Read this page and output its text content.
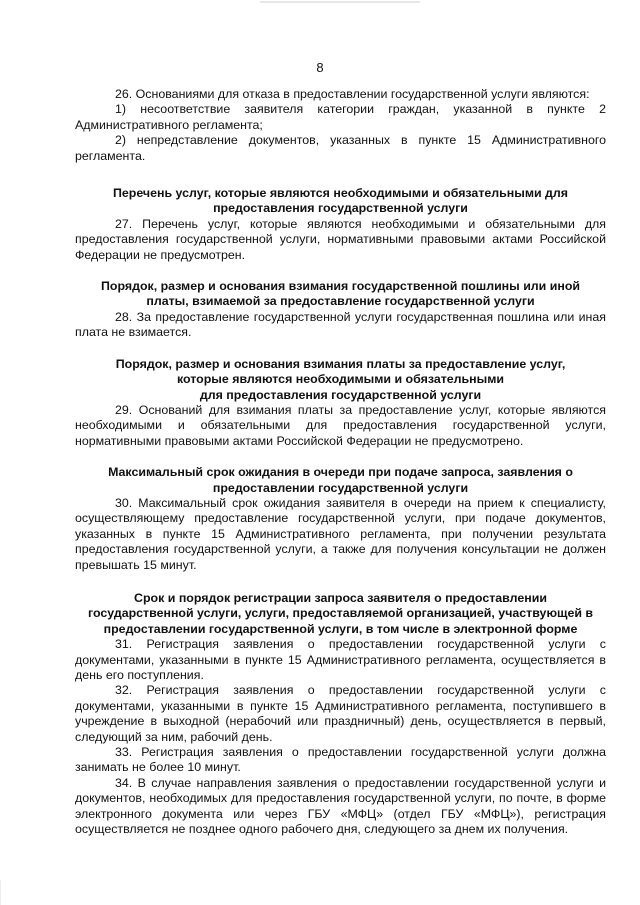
8

26. Основаниями для отказа в предоставлении государственной услуги являются:

1) несоответствие заявителя категории граждан, указанной в пункте 2 Административного регламента;

2) непредставление документов, указанных в пункте 15 Административного регламента.

Перечень услуг, которые являются необходимыми и обязательными для
предоставления государственной услуги

27. Перечень услуг, которые являются необходимыми и обязательными для предоставления государственной услуги, нормативными правовыми актами Российской Федерации не предусмотрен.

Порядок, размер и основания взимания государственной пошлины или иной
платы, взимаемой за предоставление государственной услуги

28. За предоставление государственной услуги государственная пошлина или иная плата не взимается.

Порядок, размер и основания взимания платы за предоставление услуг,
которые являются необходимыми и обязательными
для предоставления государственной услуги

29. Оснований для взимания платы за предоставление услуг, которые являются необходимыми и обязательными для предоставления государственной услуги, нормативными правовыми актами Российской Федерации не предусмотрено.

Максимальный срок ожидания в очереди при подаче запроса, заявления о
предоставлении государственной услуги

30. Максимальный срок ожидания заявителя в очереди на прием к специалисту, осуществляющему предоставление государственной услуги, при подаче документов, указанных в пункте 15 Административного регламента, при получении результата предоставления государственной услуги, а также для получения консультации не должен превышать 15 минут.

Срок и порядок регистрации запроса заявителя о предоставлении
государственной услуги, услуги, предоставляемой организацией, участвующей в
предоставлении государственной услуги, в том числе в электронной форме

31. Регистрация заявления о предоставлении государственной услуги с документами, указанными в пункте 15 Административного регламента, осуществляется в день его поступления.

32. Регистрация заявления о предоставлении государственной услуги с документами, указанными в пункте 15 Административного регламента, поступившего в учреждение в выходной (нерабочий или праздничный) день, осуществляется в первый, следующий за ним, рабочий день.

33. Регистрация заявления о предоставлении государственной услуги должна занимать не более 10 минут.

34. В случае направления заявления о предоставлении государственной услуги и документов, необходимых для предоставления государственной услуги, по почте, в форме электронного документа или через ГБУ «МФЦ» (отдел ГБУ «МФЦ»), регистрация осуществляется не позднее одного рабочего дня, следующего за днем их получения.
